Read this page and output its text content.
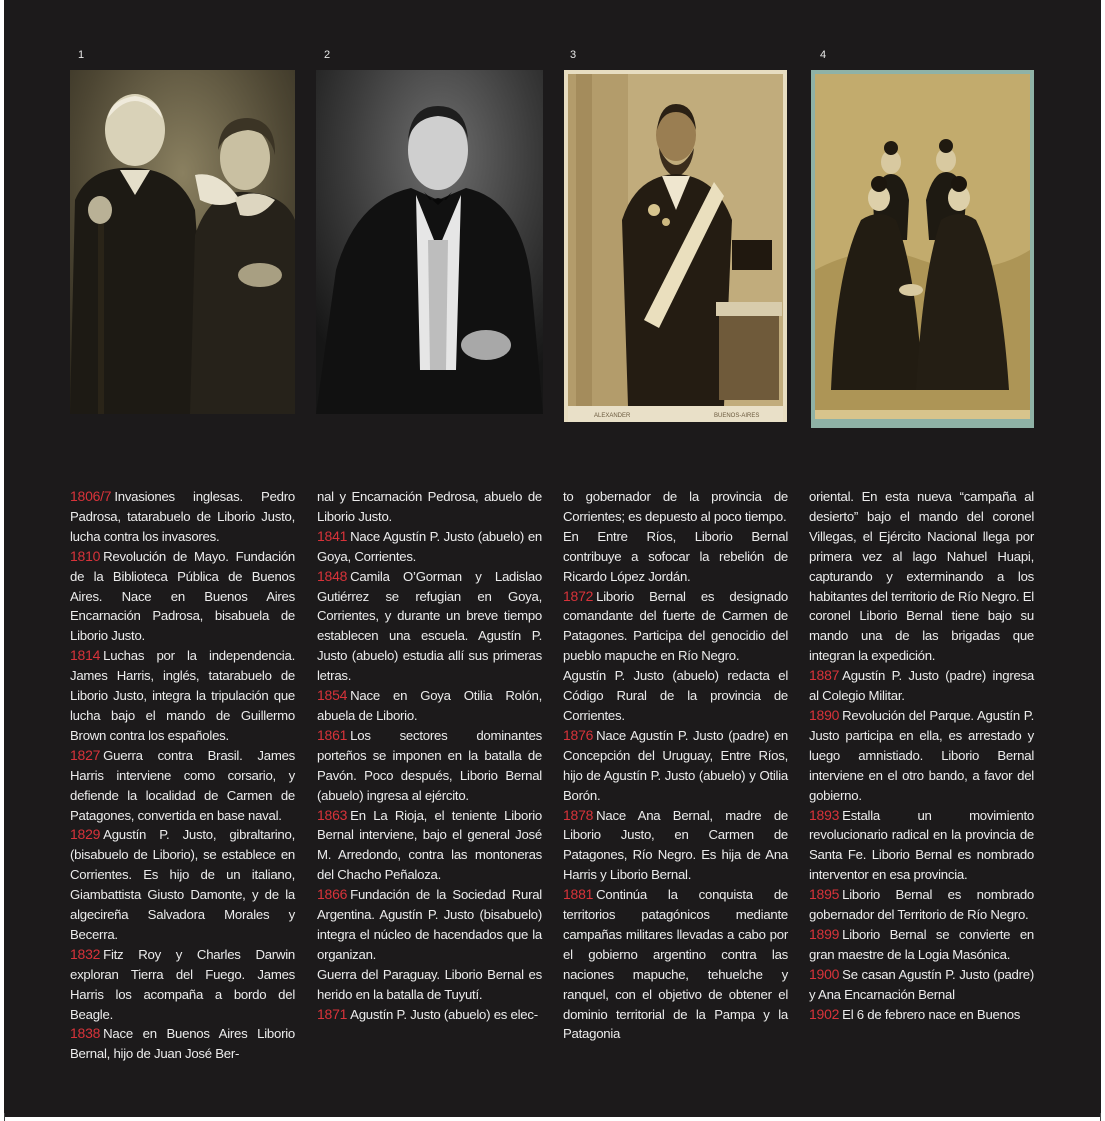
1	2	3	4
ALEXANDER	BUENOS-AIRES
1806/7 Invasiones inglesas. Pedro Padrosa, tatarabuelo de Liborio Justo, lucha contra los invasores.
1810 Revolución de Mayo. Fundación de la Biblioteca Pública de Buenos Aires. Nace en Buenos Aires Encarnación Padrosa, bisabuela de Liborio Justo.
1814 Luchas por la independencia. James Harris, inglés, tatarabuelo de Liborio Justo, integra la tripulación que lucha bajo el mando de Guillermo Brown contra los españoles.
1827 Guerra contra Brasil. James Harris interviene como corsario, y defiende la localidad de Carmen de Patagones, convertida en base naval.
1829 Agustín P. Justo, gibraltarino, (bisabuelo de Liborio), se establece en Corrientes. Es hijo de un italiano, Giambattista Giusto Damonte, y de la algecireña Salvadora Morales y Becerra.
1832 Fitz Roy y Charles Darwin exploran Tierra del Fuego. James Harris los acompaña a bordo del Beagle.
1838 Nace en Buenos Aires Liborio Bernal, hijo de Juan José Ber-
nal y Encarnación Pedrosa, abuelo de Liborio Justo.
1841 Nace Agustín P. Justo (abuelo) en Goya, Corrientes.
1848 Camila O’Gorman y Ladislao Gutiérrez se refugian en Goya, Corrientes, y durante un breve tiempo establecen una escuela. Agustín P. Justo (abuelo) estudia allí sus primeras letras.
1854 Nace en Goya Otilia Rolón, abuela de Liborio.
1861 Los sectores dominantes porteños se imponen en la batalla de Pavón. Poco después, Liborio Bernal (abuelo) ingresa al ejército.
1863 En La Rioja, el teniente Liborio Bernal interviene, bajo el general José M. Arredondo, contra las montoneras del Chacho Peñaloza.
1866 Fundación de la Sociedad Rural Argentina. Agustín P. Justo (bisabuelo) integra el núcleo de hacendados que la organizan.
Guerra del Paraguay. Liborio Bernal es herido en la batalla de Tuyutí.
1871 Agustín P. Justo (abuelo) es elec-
to gobernador de la provincia de Corrientes; es depuesto al poco tiempo.
En Entre Ríos, Liborio Bernal contribuye a sofocar la rebelión de Ricardo López Jordán.
1872 Liborio Bernal es designado comandante del fuerte de Carmen de Patagones. Participa del genocidio del pueblo mapuche en Río Negro.
Agustín P. Justo (abuelo) redacta el Código Rural de la provincia de Corrientes.
1876 Nace Agustín P. Justo (padre) en Concepción del Uruguay, Entre Ríos, hijo de Agustín P. Justo (abuelo) y Otilia Borón.
1878 Nace Ana Bernal, madre de Liborio Justo, en Carmen de Patagones, Río Negro. Es hija de Ana Harris y Liborio Bernal.
1881 Continúa la conquista de territorios patagónicos mediante campañas militares llevadas a cabo por el gobierno argentino contra las naciones mapuche, tehuelche y ranquel, con el objetivo de obtener el dominio territorial de la Pampa y la Patagonia
oriental. En esta nueva “campaña al desierto” bajo el mando del coronel Villegas, el Ejército Nacional llega por primera vez al lago Nahuel Huapi, capturando y exterminando a los habitantes del territorio de Río Negro. El coronel Liborio Bernal tiene bajo su mando una de las brigadas que integran la expedición.
1887 Agustín P. Justo (padre) ingresa al Colegio Militar.
1890 Revolución del Parque. Agustín P. Justo participa en ella, es arrestado y luego amnistiado. Liborio Bernal interviene en el otro bando, a favor del gobierno.
1893 Estalla un movimiento revolucionario radical en la provincia de Santa Fe. Liborio Bernal es nombrado interventor en esa provincia.
1895 Liborio Bernal es nombrado gobernador del Territorio de Río Negro.
1899 Liborio Bernal se convierte en gran maestre de la Logia Masónica.
1900 Se casan Agustín P. Justo (padre) y Ana Encarnación Bernal
1902 El 6 de febrero nace en Buenos
